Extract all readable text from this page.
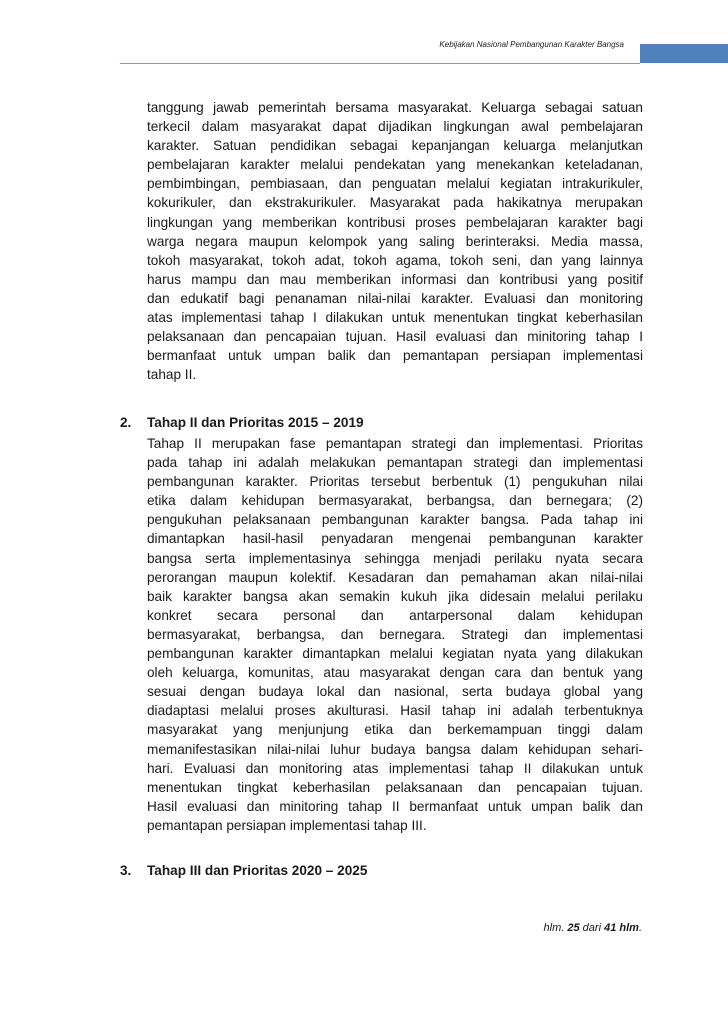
Kebijakan Nasional Pembangunan Karakter Bangsa
tanggung jawab pemerintah bersama masyarakat. Keluarga sebagai satuan
terkecil dalam masyarakat dapat dijadikan lingkungan awal pembelajaran
karakter. Satuan pendidikan sebagai kepanjangan keluarga melanjutkan
pembelajaran karakter melalui pendekatan yang menekankan keteladanan,
pembimbingan, pembiasaan, dan penguatan melalui kegiatan intrakurikuler,
kokurikuler, dan ekstrakurikuler. Masyarakat pada hakikatnya merupakan
lingkungan yang memberikan kontribusi proses pembelajaran karakter bagi
warga negara maupun kelompok yang saling berinteraksi. Media massa,
tokoh masyarakat, tokoh adat, tokoh agama, tokoh seni, dan yang lainnya
harus mampu dan mau memberikan informasi dan kontribusi yang positif
dan edukatif bagi penanaman nilai-nilai karakter. Evaluasi dan monitoring
atas implementasi tahap I dilakukan untuk menentukan tingkat keberhasilan
pelaksanaan dan pencapaian tujuan. Hasil evaluasi dan minitoring tahap I
bermanfaat untuk umpan balik dan pemantapan persiapan implementasi
tahap II.
2. Tahap II dan Prioritas 2015 – 2019
Tahap II merupakan fase pemantapan strategi dan implementasi. Prioritas
pada tahap ini adalah melakukan pemantapan strategi dan implementasi
pembangunan karakter. Prioritas tersebut berbentuk (1) pengukuhan nilai
etika dalam kehidupan bermasyarakat, berbangsa, dan bernegara; (2)
pengukuhan pelaksanaan pembangunan karakter bangsa. Pada tahap ini
dimantapkan hasil-hasil penyadaran mengenai pembangunan karakter
bangsa serta implementasinya sehingga menjadi perilaku nyata secara
perorangan maupun kolektif. Kesadaran dan pemahaman akan nilai-nilai
baik karakter bangsa akan semakin kukuh jika didesain melalui perilaku
konkret secara personal dan antarpersonal dalam kehidupan
bermasyarakat, berbangsa, dan bernegara. Strategi dan implementasi
pembangunan karakter dimantapkan melalui kegiatan nyata yang dilakukan
oleh keluarga, komunitas, atau masyarakat dengan cara dan bentuk yang
sesuai dengan budaya lokal dan nasional, serta budaya global yang
diadaptasi melalui proses akulturasi. Hasil tahap ini adalah terbentuknya
masyarakat yang menjunjung etika dan berkemampuan tinggi dalam
memanifestasikan nilai-nilai luhur budaya bangsa dalam kehidupan sehari-
hari. Evaluasi dan monitoring atas implementasi tahap II dilakukan untuk
menentukan tingkat keberhasilan pelaksanaan dan pencapaian tujuan.
Hasil evaluasi dan minitoring tahap II bermanfaat untuk umpan balik dan
pemantapan persiapan implementasi tahap III.
3. Tahap III dan Prioritas 2020 – 2025
hlm. 25 dari 41 hlm.
